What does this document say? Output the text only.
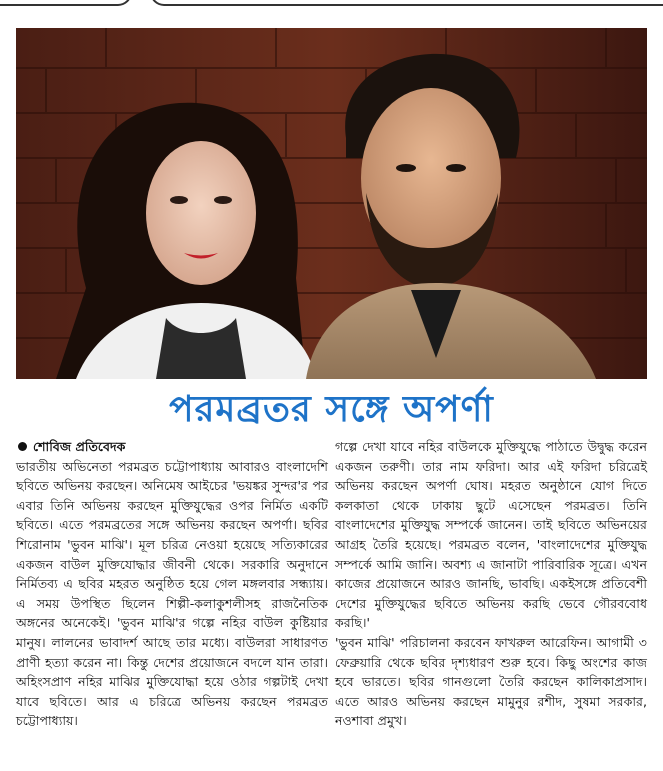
পরমব্রতর সঙ্গে অপর্ণা
শোবিজ প্রতিবেদক

ভারতীয় অভিনেতা পরমব্রত চট্টোপাধ্যায় আবারও বাংলাদেশি ছবিতে অভিনয় করছেন। অনিমেষ আইচের 'ভয়ঙ্কর সুন্দর'র পর এবার তিনি অভিনয় করছেন মুক্তিযুদ্ধের ওপর নির্মিত একটি ছবিতে। এতে পরমব্রতের সঙ্গে অভিনয় করছেন অপর্ণা। ছবির শিরোনাম 'ভুবন মাঝি'। মূল চরিত্র নেওয়া হয়েছে সত্যিকারের একজন বাউল মুক্তিযোদ্ধার জীবনী থেকে। সরকারি অনুদানে নির্মিতব্য এ ছবির মহরত অনুষ্ঠিত হয়ে গেল মঙ্গলবার সন্ধ্যায়। এ সময় উপস্থিত ছিলেন শিল্পী-কলাকুশলীসহ রাজনৈতিক অঙ্গনের অনেকেই। 'ভুবন মাঝি'র গল্পে নহির বাউল কুষ্টিয়ার মানুষ। লালনের ভাবাদর্শ আছে তার মধ্যে। বাউলরা সাধারণত প্রাণী হত্যা করেন না। কিন্তু দেশের প্রয়োজনে বদলে যান তারা। অহিংসপ্রাণ নহির মাঝির মুক্তিযোদ্ধা হয়ে ওঠার গল্পটাই দেখা যাবে ছবিতে। আর এ চরিত্রে অভিনয় করছেন পরমব্রত চট্টোপাধ্যায়।

গল্পে দেখা যাবে নহির বাউলকে মুক্তিযুদ্ধে পাঠাতে উদ্বুদ্ধ করেন একজন তরুণী। তার নাম ফরিদা। আর এই ফরিদা চরিত্রেই অভিনয় করছেন অপর্ণা ঘোষ। মহরত অনুষ্ঠানে যোগ দিতে কলকাতা থেকে ঢাকায় ছুটে এসেছেন পরমব্রত। তিনি বাংলাদেশের মুক্তিযুদ্ধ সম্পর্কে জানেন। তাই ছবিতে অভিনয়ের আগ্রহ তৈরি হয়েছে। পরমব্রত বলেন, 'বাংলাদেশের মুক্তিযুদ্ধ সম্পর্কে আমি জানি। অবশ্য এ জানাটা পারিবারিক সূত্রে। এখন কাজের প্রয়োজনে আরও জানছি, ভাবছি। একইসঙ্গে প্রতিবেশী দেশের মুক্তিযুদ্ধের ছবিতে অভিনয় করছি ভেবে গৌরববোধ করছি।'

'ভুবন মাঝি' পরিচালনা করবেন ফাখরুল আরেফিন। আগামী ৩ ফেব্রুয়ারি থেকে ছবির দৃশ্যধারণ শুরু হবে। কিছু অংশের কাজ হবে ভারতে। ছবির গানগুলো তৈরি করছেন কালিকাপ্রসাদ। এতে আরও অভিনয় করছেন মামুনুর রশীদ, সুষমা সরকার, নওশাবা প্রমুখ।
